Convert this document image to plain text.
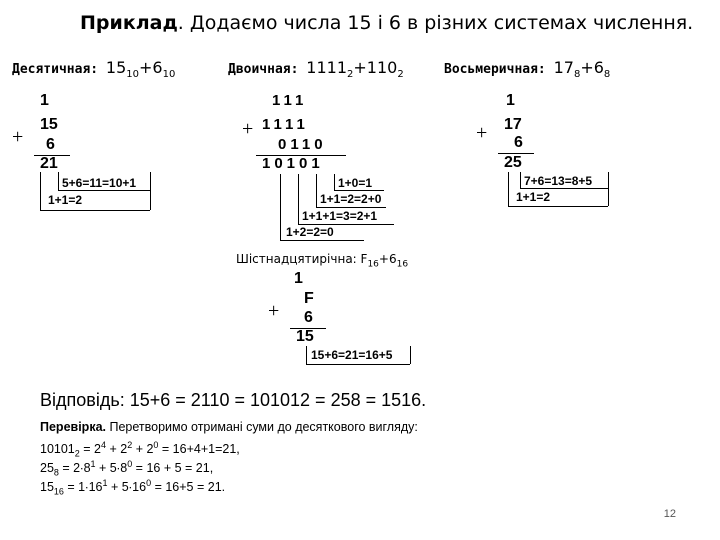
Приклад. Додаємо числа 15 і 6 в різних системах числення.
Десятичная: $15_{10}+6_{10}$	Двоичная: $1111_2+110_2$	Восьмеричная: $17_8+6_8$
1
+
15
6
21
5+6=11=10+1
1+1=2
111
+ 1111
0110
10101
1+0=1
1+1=2=2+0
1+1+1=3=2+1
1+2=2=0
1
+ 17
6
25
7+6=13=8+5
1+1=2
Шістнадцятирічна: $F_{16}+6_{16}$
1
+
F
6
15
15+6=21=16+5
Відповідь: 15+6 = 2110 = 101012 = 258 = 1516.
Перевірка. Перетворимо отримані суми до десяткового вигляду:
$10101_2 = 2^4 + 2^2 + 2^0 = 16+4+1=21$,
$25_8 = 2\cdot 8^1 + 5\cdot 8^0 = 16 + 5 = 21$,
$15_{16} = 1\cdot 16^1 + 5\cdot 16^0 = 16+5 = 21$.
12
